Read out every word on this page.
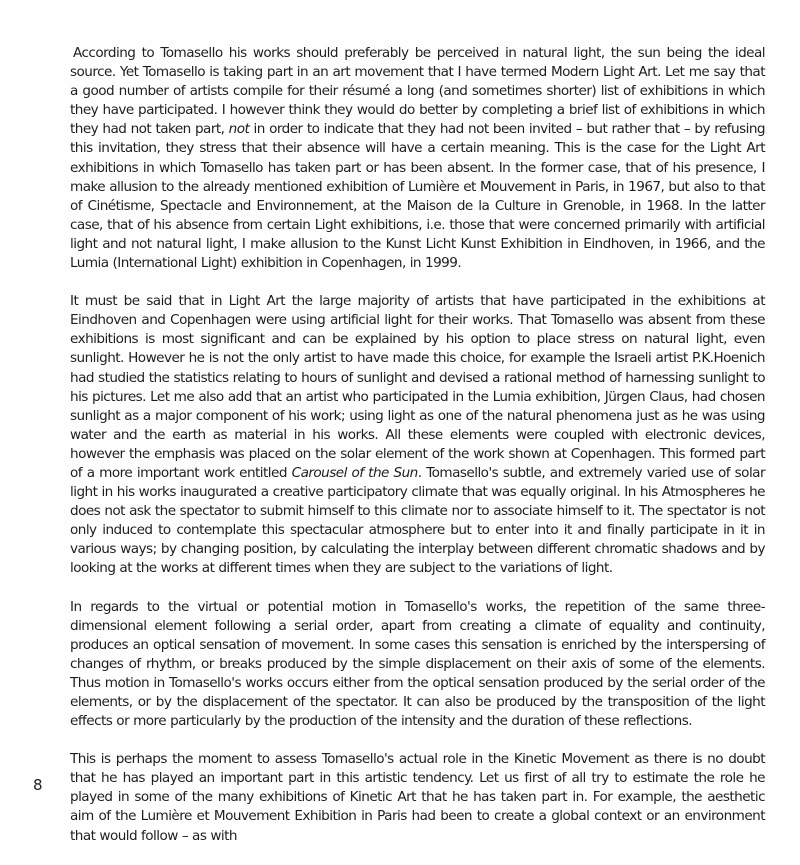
According to Tomasello his works should preferably be perceived in natural light, the sun being the ideal source. Yet Tomasello is taking part in an art movement that I have termed Modern Light Art. Let me say that a good number of artists compile for their résumé a long (and sometimes shorter) list of exhibitions in which they have participated. I however think they would do better by completing a brief list of exhibitions in which they had not taken part, not in order to indicate that they had not been invited – but rather that – by refusing this invitation, they stress that their absence will have a certain meaning. This is the case for the Light Art exhibitions in which Tomasello has taken part or has been absent. In the former case, that of his presence, I make allusion to the already mentioned exhibition of Lumière et Mouvement in Paris, in 1967, but also to that of Cinétisme, Spectacle and Environnement, at the Maison de la Culture in Grenoble, in 1968. In the latter case, that of his absence from certain Light exhibitions, i.e. those that were concerned primarily with artificial light and not natural light, I make allusion to the Kunst Licht Kunst Exhibition in Eindhoven, in 1966, and the Lumia (International Light) exhibition in Copenhagen, in 1999.

It must be said that in Light Art the large majority of artists that have participated in the exhibitions at Eindhoven and Copenhagen were using artificial light for their works. That Tomasello was absent from these exhibitions is most significant and can be explained by his option to place stress on natural light, even sunlight. However he is not the only artist to have made this choice, for example the Israeli artist P.K.Hoenich had studied the statistics relating to hours of sunlight and devised a rational method of harnessing sunlight to his pictures. Let me also add that an artist who participated in the Lumia exhibition, Jürgen Claus, had chosen sunlight as a major component of his work; using light as one of the natural phenomena just as he was using water and the earth as material in his works. All these elements were coupled with electronic devices, however the emphasis was placed on the solar element of the work shown at Copenhagen. This formed part of a more important work entitled Carousel of the Sun. Tomasello's subtle, and extremely varied use of solar light in his works inaugurated a creative participatory climate that was equally original. In his Atmospheres he does not ask the spectator to submit himself to this climate nor to associate himself to it. The spectator is not only induced to contemplate this spectacular atmosphere but to enter into it and finally participate in it in various ways; by changing position, by calculating the interplay between different chromatic shadows and by looking at the works at different times when they are subject to the variations of light.

In regards to the virtual or potential motion in Tomasello's works, the repetition of the same three-dimensional element following a serial order, apart from creating a climate of equality and continuity, produces an optical sensation of movement. In some cases this sensation is enriched by the interspersing of changes of rhythm, or breaks produced by the simple displacement on their axis of some of the elements. Thus motion in Tomasello's works occurs either from the optical sensation produced by the serial order of the elements, or by the displacement of the spectator. It can also be produced by the transposition of the light effects or more particularly by the production of the intensity and the duration of these reflections.

This is perhaps the moment to assess Tomasello's actual role in the Kinetic Movement as there is no doubt that he has played an important part in this artistic tendency. Let us first of all try to estimate the role he played in some of the many exhibitions of Kinetic Art that he has taken part in. For example, the aesthetic aim of the Lumière et Mouvement Exhibition in Paris had been to create a global context or an environment that would follow – as with

8
